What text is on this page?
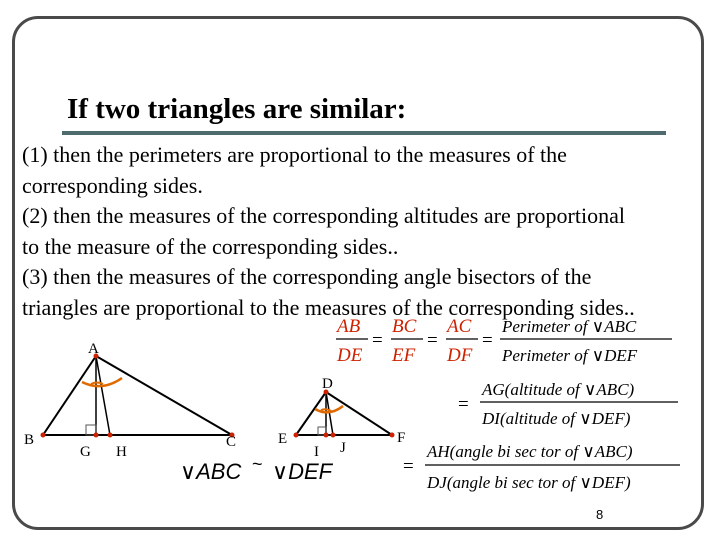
If two triangles are similar:
(1) then the perimeters are proportional to the measures of the
corresponding sides.
(2) then the measures of the corresponding altitudes are proportional
to the measure of the corresponding sides..
(3) then the measures of the corresponding angle bisectors of the
triangles are proportional to the measures of the corresponding sides..
AB
DE
=
BC
EF
=
AC
DF
=
Perimeter of ∨ABC
Perimeter of ∨DEF
=
AG(altitude of ∨ABC)
DI(altitude of ∨DEF)
=
AH(angle bi sec tor of ∨ABC)
DJ(angle bi sec tor of ∨DEF)
A
B	C
G H
D
E	F
I J
∨ABC ~ ∨DEF
8
